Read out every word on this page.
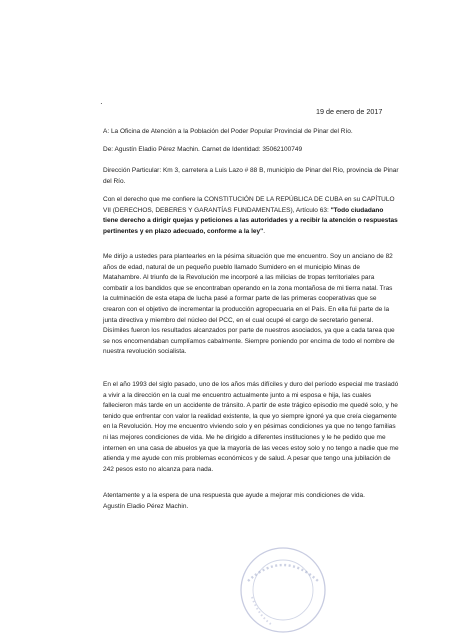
·
19 de enero de 2017

A: La Oficina de Atención a la Población del Poder Popular Provincial de Pinar del Río.

De: Agustín Eladio Pérez Machin. Carnet de Identidad: 35062100749

Dirección Particular: Km 3, carretera a Luis Lazo # 88 B, municipio de Pinar del Río, provincia de Pinar del Río.

Con el derecho que me confiere la CONSTITUCIÓN DE LA REPÚBLICA DE CUBA en su CAPÍTULO VII (DERECHOS, DEBERES Y GARANTÍAS FUNDAMENTALES), Artículo 63: "Todo ciudadano tiene derecho a dirigir quejas y peticiones a las autoridades y a recibir la atención o respuestas pertinentes y en plazo adecuado, conforme a la ley".

Me dirijo a ustedes para plantearles en la pésima situación que me encuentro. Soy un anciano de 82 años de edad, natural de un pequeño pueblo llamado Sumidero en el municipio Minas de Matahambre. Al triunfo de la Revolución me incorporé a las milicias de tropas territoriales para combatir a los bandidos que se encontraban operando en la zona montañosa de mi tierra natal. Tras la culminación de esta etapa de lucha pasé a formar parte de las primeras cooperativas que se crearon con el objetivo de incrementar la producción agropecuaria en el País. En ella fui parte de la junta directiva y miembro del núcleo del PCC, en el cual ocupé el cargo de secretario general. Disímiles fueron los resultados alcanzados por parte de nuestros asociados, ya que a cada tarea que se nos encomendaban cumplíamos cabalmente. Siempre poniendo por encima de todo el nombre de nuestra revolución socialista.

En el año 1993 del siglo pasado, uno de los años más difíciles y duro del período especial me trasladó a vivir a la dirección en la cual me encuentro actualmente junto a mi esposa e hija, las cuales fallecieron más tarde en un accidente de tránsito. A partir de este trágico episodio me quedé solo, y he tenido que enfrentar con valor la realidad existente, la que yo siempre ignoré ya que creía ciegamente en la Revolución. Hoy me encuentro viviendo solo y en pésimas condiciones ya que no tengo familias ni las mejores condiciones de vida. Me he dirigido a diferentes instituciones y le he pedido que me internen en una casa de abuelos ya que la mayoría de las veces estoy solo y no tengo a nadie que me atienda y me ayude con mis problemas económicos y de salud. A pesar que tengo una jubilación de 242 pesos esto no alcanza para nada.

Atentamente y a la espera de una respuesta que ayude a mejorar mis condiciones de vida.

Agustín Eladio Pérez Machin.
